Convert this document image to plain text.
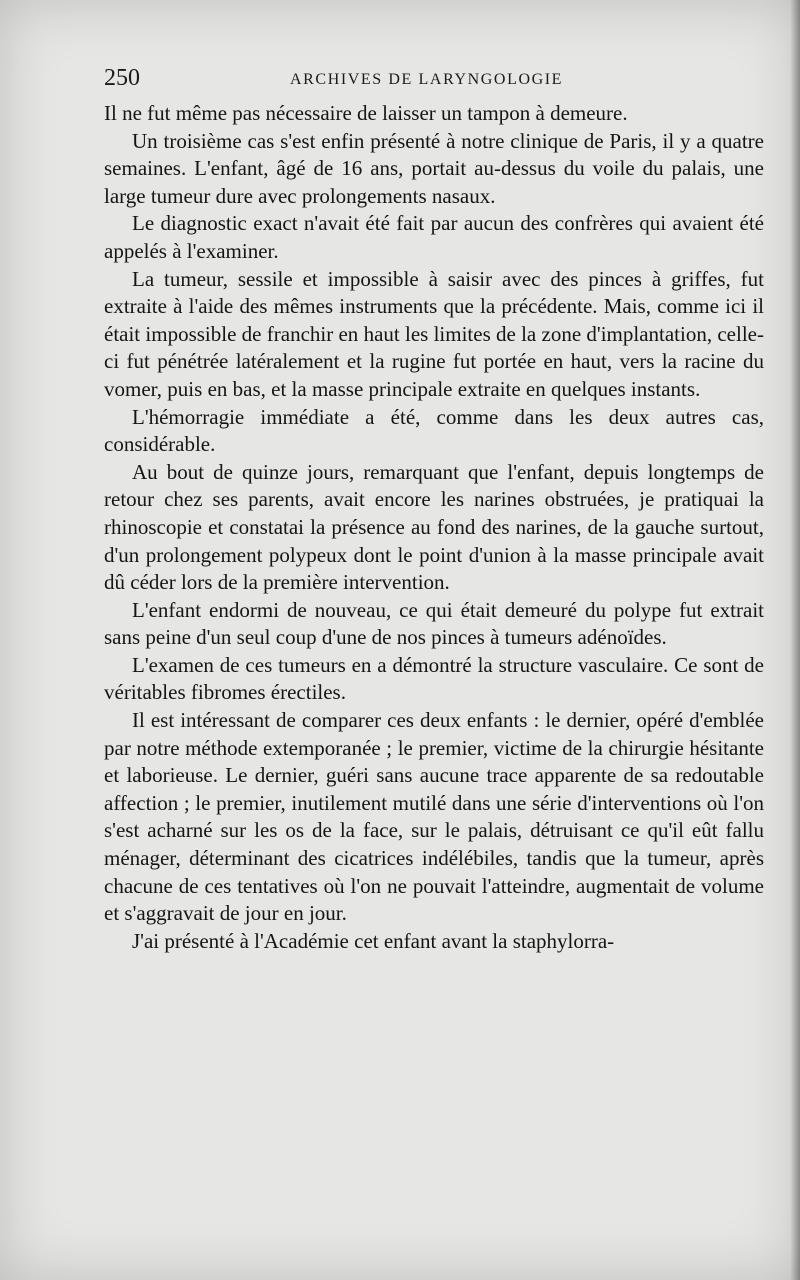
250	ARCHIVES DE LARYNGOLOGIE

Il ne fut même pas nécessaire de laisser un tampon à demeure.

Un troisième cas s'est enfin présenté à notre clinique de Paris, il y a quatre semaines. L'enfant, âgé de 16 ans, portait au-dessus du voile du palais, une large tumeur dure avec prolongements nasaux.

Le diagnostic exact n'avait été fait par aucun des confrères qui avaient été appelés à l'examiner.

La tumeur, sessile et impossible à saisir avec des pinces à griffes, fut extraite à l'aide des mêmes instruments que la précédente. Mais, comme ici il était impossible de franchir en haut les limites de la zone d'implantation, celle-ci fut pénétrée latéralement et la rugine fut portée en haut, vers la racine du vomer, puis en bas, et la masse principale extraite en quelques instants.

L'hémorragie immédiate a été, comme dans les deux autres cas, considérable.

Au bout de quinze jours, remarquant que l'enfant, depuis longtemps de retour chez ses parents, avait encore les narines obstruées, je pratiquai la rhinoscopie et constatai la présence au fond des narines, de la gauche surtout, d'un prolongement polypeux dont le point d'union à la masse principale avait dû céder lors de la première intervention.

L'enfant endormi de nouveau, ce qui était demeuré du polype fut extrait sans peine d'un seul coup d'une de nos pinces à tumeurs adénoïdes.

L'examen de ces tumeurs en a démontré la structure vasculaire. Ce sont de véritables fibromes érectiles.

Il est intéressant de comparer ces deux enfants : le dernier, opéré d'emblée par notre méthode extemporanée ; le premier, victime de la chirurgie hésitante et laborieuse. Le dernier, guéri sans aucune trace apparente de sa redoutable affection ; le premier, inutilement mutilé dans une série d'interventions où l'on s'est acharné sur les os de la face, sur le palais, détruisant ce qu'il eût fallu ménager, déterminant des cicatrices indélébiles, tandis que la tumeur, après chacune de ces tentatives où l'on ne pouvait l'atteindre, augmentait de volume et s'aggravait de jour en jour.

J'ai présenté à l'Académie cet enfant avant la staphylorra-
